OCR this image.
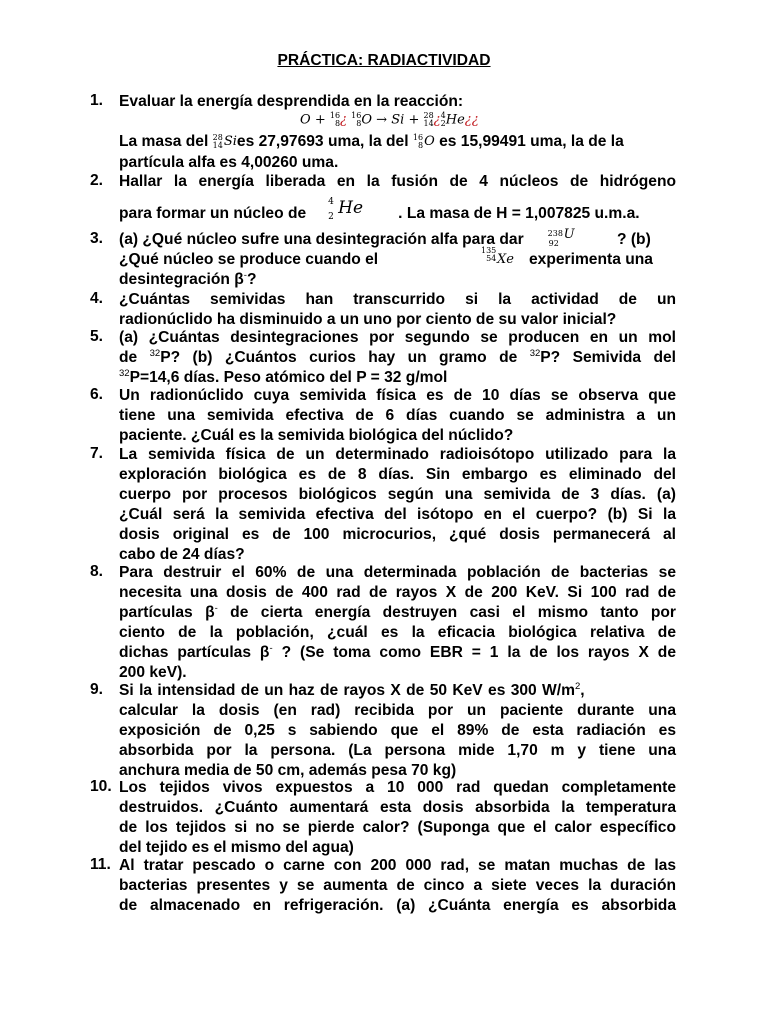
PRÁCTICA: RADIACTIVIDAD
1.	Evaluar la energía desprendida en la reacción:
O + 16
8 ¿ 16
8 O → Si + 28
14 ¿ 4
2 He¿¿
La masa del 28
14 Si es 27,97693 uma, la del 16
8 O es 15,99491 uma, la de la
partícula alfa es 4,00260 uma.
2.	Hallar la energía liberada en la fusión de 4 núcleos de hidrógeno
para formar un núcleo de
4
2 He . La masa de H = 1,007825 u.m.a.
3.	(a) ¿Qué núcleo sufre una desintegración alfa para dar	238
92
U	? (b)
¿Qué núcleo se produce cuando el
135
54 Xe experimenta una
desintegración β-?
4.	¿Cuántas semividas han transcurrido si la actividad de un
radionúclido ha disminuido a un uno por ciento de su valor inicial?
5.	(a) ¿Cuántas desintegraciones por segundo se producen en un mol
de $^{32}$P? (b) ¿Cuántos curios hay un gramo de $^{32}$P? Semivida del
$^{32}$P=14,6 días. Peso atómico del P = 32 g/mol
6.	Un radionúclido cuya semivida física es de 10 días se observa que
tiene una semivida efectiva de 6 días cuando se administra a un
paciente. ¿Cuál es la semivida biológica del núclido?
7.	La semivida física de un determinado radioisótopo utilizado para la
exploración biológica es de 8 días. Sin embargo es eliminado del
cuerpo por procesos biológicos según una semivida de 3 días. (a)
¿Cuál será la semivida efectiva del isótopo en el cuerpo? (b) Si la
dosis original es de 100 microcurios, ¿qué dosis permanecerá al
cabo de 24 días?
8.	Para destruir el 60% de una determinada población de bacterias se
necesita una dosis de 400 rad de rayos X de 200 KeV. Si 100 rad de
partículas β- de cierta energía destruyen casi el mismo tanto por
ciento de la población, ¿cuál es la eficacia biológica relativa de
dichas partículas β- ? (Se toma como EBR = 1 la de los rayos X de
200 keV).
9.	Si la intensidad de un haz de rayos X de 50 KeV es 300 $W/m^2$,
calcular la dosis (en rad) recibida por un paciente durante una
exposición de 0,25 s sabiendo que el 89% de esta radiación es
absorbida por la persona. (La persona mide 1,70 m y tiene una
anchura media de 50 cm, además pesa 70 kg)
10. Los tejidos vivos expuestos a 10 000 rad quedan completamente
destruidos. ¿Cuánto aumentará esta dosis absorbida la temperatura
de los tejidos si no se pierde calor? (Suponga que el calor específico
del tejido es el mismo del agua)
11. Al tratar pescado o carne con 200 000 rad, se matan muchas de las
bacterias presentes y se aumenta de cinco a siete veces la duración
de almacenado en refrigeración. (a) ¿Cuánta energía es absorbida
